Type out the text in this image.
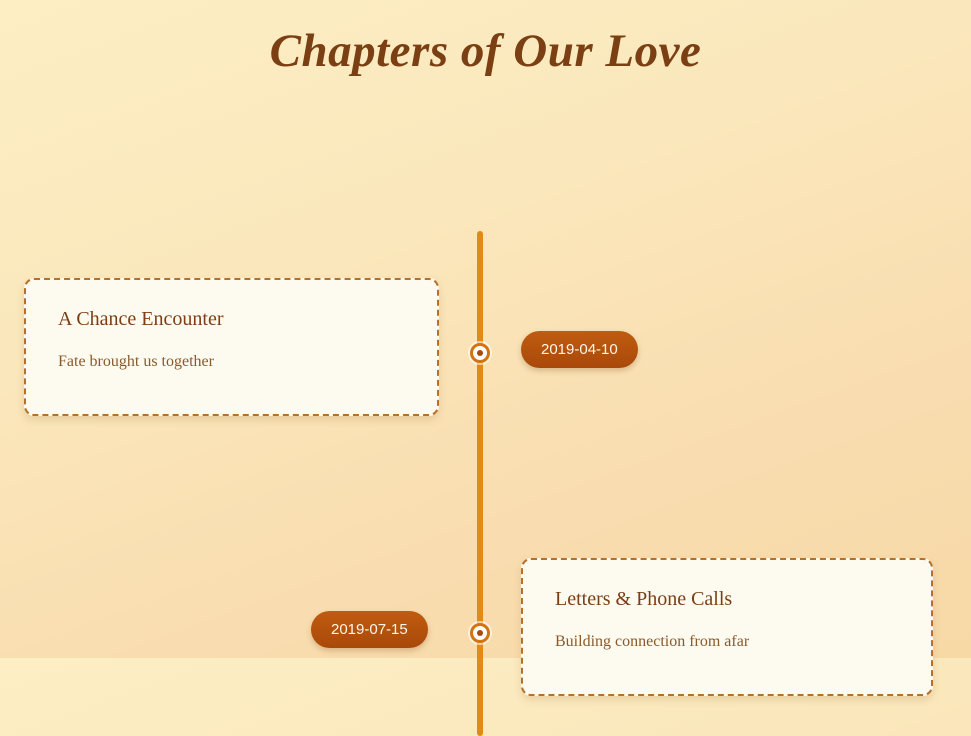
Chapters of Our Love
A Chance Encounter
Fate brought us together
2019-04-10
2019-07-15
Letters & Phone Calls
Building connection from afar
